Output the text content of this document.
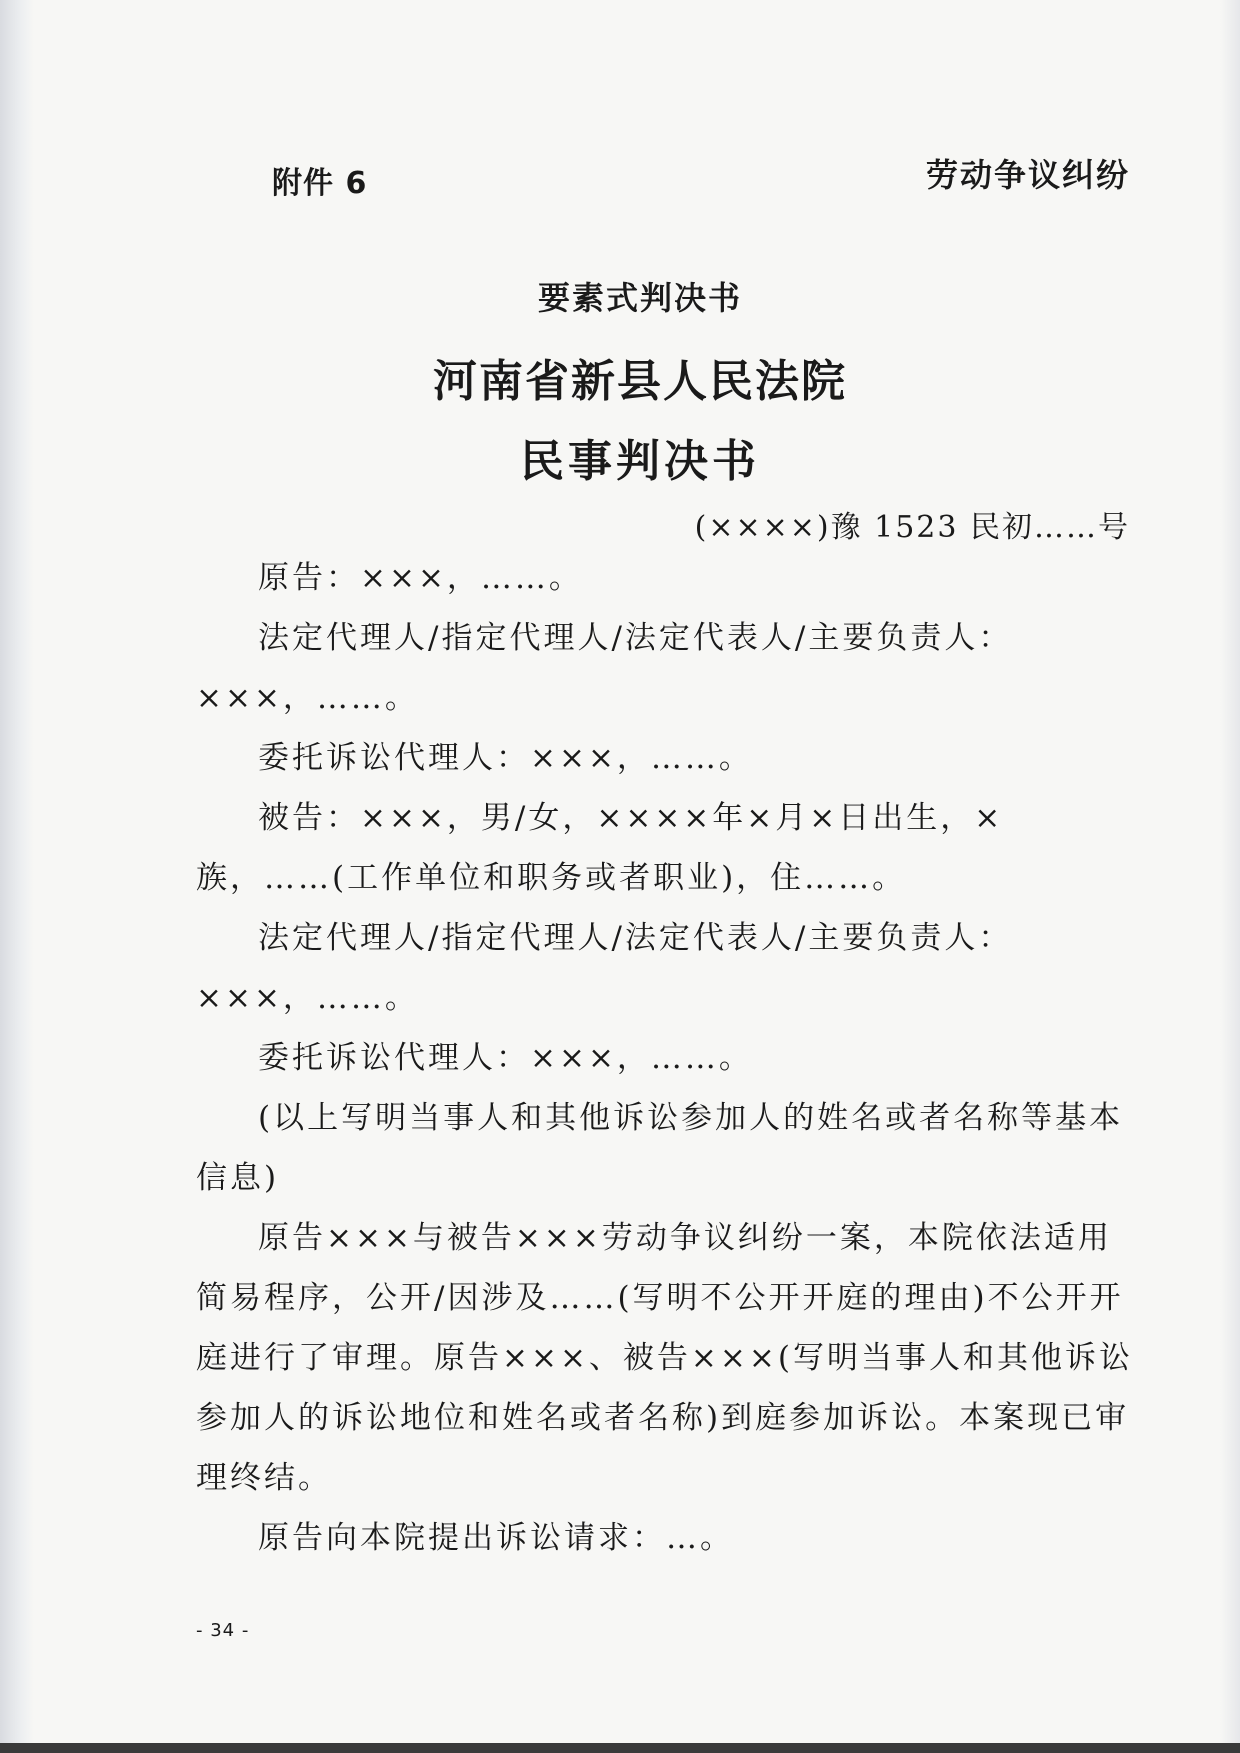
附件 6	劳动争议纠纷
要素式判决书
河南省新县人民法院
民事判决书
(××××)豫 1523 民初……号

原告：×××，……。

法定代理人/指定代理人/法定代表人/主要负责人：×××，……。

委托诉讼代理人：×××，……。

被告：×××，男/女，××××年×月×日出生，×族，……(工作单位和职务或者职业)，住……。

法定代理人/指定代理人/法定代表人/主要负责人：×××，……。

委托诉讼代理人：×××，……。

(以上写明当事人和其他诉讼参加人的姓名或者名称等基本信息)

原告×××与被告×××劳动争议纠纷一案，本院依法适用简易程序，公开/因涉及……(写明不公开开庭的理由)不公开开庭进行了审理。原告×××、被告×××(写明当事人和其他诉讼参加人的诉讼地位和姓名或者名称)到庭参加诉讼。本案现已审理终结。

原告向本院提出诉讼请求：…。

- 34 -
